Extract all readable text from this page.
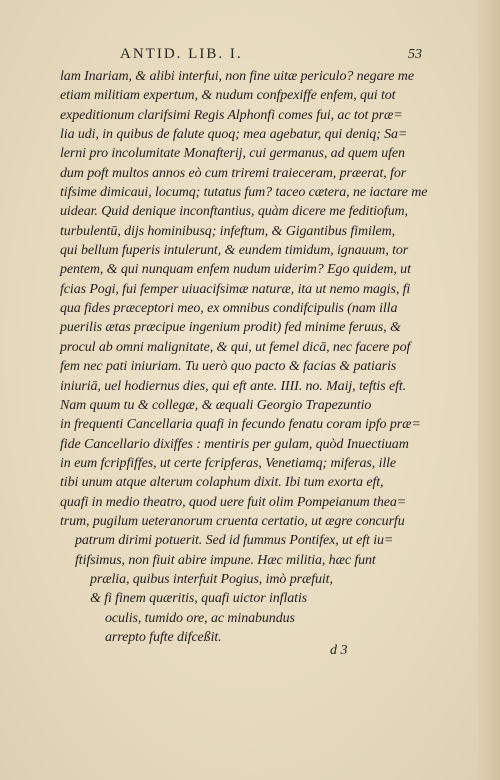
ANTID. LIB. I.	53
lam Inariam, & alibi interfui, non fine uitæ periculo? negare me
etiam militiam expertum, & nudum confpexiffe enfem, qui tot
expeditionum clarifsimi Regis Alphonfi comes fui, ac tot præ=
lia udi, in quibus de falute quoq; mea agebatur, qui deniq; Sa=
lerni pro incolumitate Monafterij, cui germanus, ad quem ufen
dum poft multos annos eò cum triremi traieceram, præerat, for
tifsime dimicaui, locumq; tutatus fum? taceo cætera, ne iactare me
uidear. Quid denique inconftantius, quàm dicere me feditiofum,
turbulentū, dijs hominibusq; infeftum, & Gigantibus fimilem,
qui bellum fuperis intulerunt, & eundem timidum, ignauum, tor
pentem, & qui nunquam enfem nudum uiderim? Ego quidem, ut
fcias Pogi, fui femper uiuacifsimæ naturæ, ita ut nemo magis, fi
qua fides præceptori meo, ex omnibus condifcipulis (nam illa
puerilis ætas præcipue ingenium prodit) fed minime feruus, &
procul ab omni malignitate, & qui, ut femel dicā, nec facere pof
fem nec pati iniuriam. Tu uerò quo pacto & facias & patiaris
iniuriā, uel hodiernus dies, qui eft ante. IIII. no. Maij, teftis eft.
Nam quum tu & collegæ, & æquali Georgio Trapezuntio
in frequenti Cancellaria quafi in fecundo fenatu coram ipfo præ=
fide Cancellario dixiffes : mentiris per gulam, quòd Inuectiuam
in eum fcripfiffes, ut certe fcripferas, Venetiamq; miferas, ille
tibi unum atque alterum colaphum dixit. Ibi tum exorta eft,
quafi in medio theatro, quod uere fuit olim Pompeianum thea=
trum, pugilum ueteranorum cruenta certatio, ut ægre concurfu
patrum dirimi potuerit. Sed id fummus Pontifex, ut eft iu=
ftifsimus, non fiuit abire impune. Hæc militia, hæc funt
prælia, quibus interfuit Pogius, imò præfuit,
& fi finem quæritis, quafi uictor inflatis
oculis, tumido ore, ac minabundus
arrepto fufte difceßit.
d 3
